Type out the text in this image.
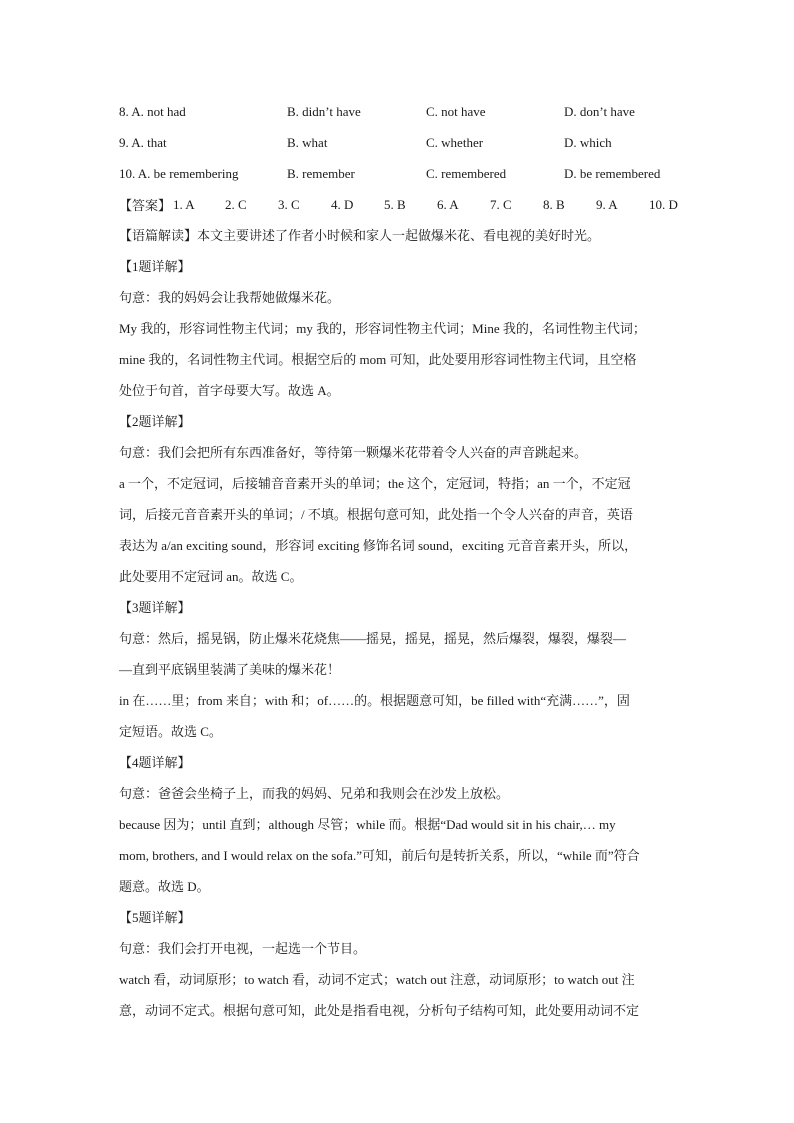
8. A. not had	B. didn’t have	C. not have	D. don’t have
9. A. that	B. what	C. whether	D. which
10. A. be remembering	B. remember	C. remembered	D. be remembered
【答案】 1. A	2. C	3. C	4. D	5. B	6. A	7. C	8. B	9. A	10. D
【语篇解读】本文主要讲述了作者小时候和家人一起做爆米花、看电视的美好时光。
【1题详解】
句意：我的妈妈会让我帮她做爆米花。
My 我的，形容词性物主代词；my 我的，形容词性物主代词；Mine 我的，名词性物主代词；
mine 我的，名词性物主代词。根据空后的 mom 可知，此处要用形容词性物主代词，且空格
处位于句首，首字母要大写。故选 A。
【2题详解】
句意：我们会把所有东西准备好，等待第一颗爆米花带着令人兴奋的声音跳起来。
a 一个，不定冠词，后接辅音音素开头的单词；the 这个，定冠词，特指；an 一个，不定冠
词，后接元音音素开头的单词；/ 不填。根据句意可知，此处指一个令人兴奋的声音，英语
表达为 a/an exciting sound，形容词 exciting 修饰名词 sound，exciting 元音音素开头，所以，
此处要用不定冠词 an。故选 C。
【3题详解】
句意：然后，摇晃锅，防止爆米花烧焦——摇晃，摇晃，摇晃，然后爆裂，爆裂，爆裂—
—直到平底锅里装满了美味的爆米花！
in 在……里；from 来自；with 和；of……的。根据题意可知，be filled with“充满……”，固
定短语。故选 C。
【4题详解】
句意：爸爸会坐椅子上，而我的妈妈、兄弟和我则会在沙发上放松。
because 因为；until 直到；although 尽管；while 而。根据“Dad would sit in his chair,… my
mom, brothers, and I would relax on the sofa.”可知，前后句是转折关系，所以，“while 而”符合
题意。故选 D。
【5题详解】
句意：我们会打开电视，一起选一个节目。
watch 看，动词原形；to watch 看，动词不定式；watch out 注意，动词原形；to watch out 注
意，动词不定式。根据句意可知，此处是指看电视，分析句子结构可知，此处要用动词不定
